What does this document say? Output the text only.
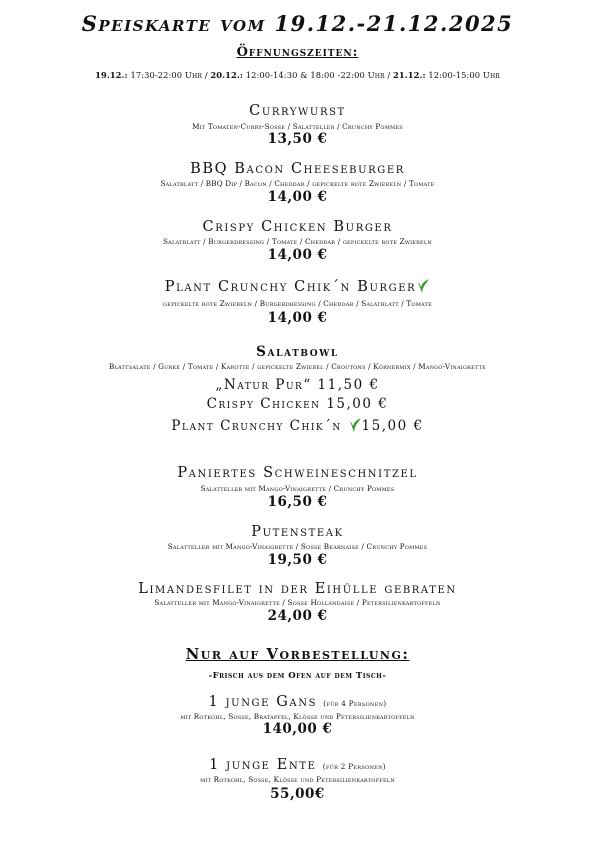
Speiskarte vom 19.12.-21.12.2025
Öffnungszeiten:
19.12.: 17:30-22:00 Uhr / 20.12.: 12:00-14:30 & 18:00 -22:00 Uhr / 21.12.: 12:00-15:00 Uhr
Currywurst
Mit Tomaten-Curry-Sosse / Salatteller / Crunchy Pommes
13,50 €
BBQ Bacon Cheeseburger
Salatblatt / BBQ Dip / Bacon / Cheddar / gepickelte rote Zwiebeln / Tomate
14,00 €
Crispy Chicken Burger
Salatblatt / Burgerdressing / Tomate / Cheddar / gepickelte rote Zwiebeln
14,00 €
Plant Crunchy Chik´n Burger
gepickelte rote Zwiebeln / Burgerdressing / Cheddar / Salatblatt / Tomate
14,00 €
Salatbowl
Blattsalate / Gurke / Tomate / Karotte / gepickelte Zwiebel / Croutons / Körnermix / Mango-Vinaigrette
„Natur Pur“ 11,50 €
Crispy Chicken 15,00 €
Plant Crunchy Chik´n 15,00 €
Paniertes Schweineschnitzel
Salatteller mit Mango-Vinaigrette / Crunchy Pommes
16,50 €
Putensteak
Salatteller mit Mango-Vinaigrette / Sosse Bearnaise / Crunchy Pommes
19,50 €
Limandesfilet in der Eihülle gebraten
Salatteller mit Mango-Vinaigrette / Sosse Hollandaise / Petersilienkartoffeln
24,00 €
Nur auf Vorbestellung:
-Frisch aus dem Ofen auf dem Tisch-
1 junge Gans (für 4 Personen)
mit Rotkohl, Sosse, Bratapfel, Klösse und Petersilienkartoffeln
140,00 €
1 junge Ente (für 2 Personen)
mit Rotkohl, Sosse, Klösse und Petersilienkartoffeln
55,00€
